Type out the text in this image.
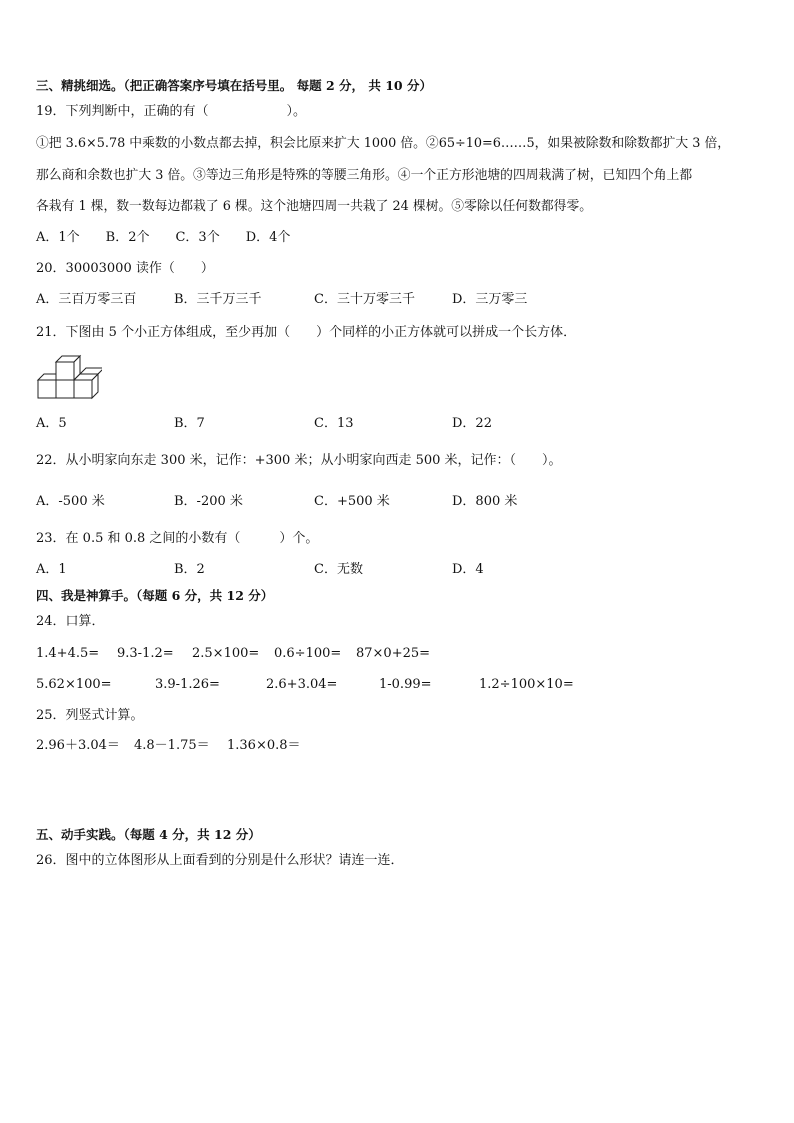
三、精挑细选。（把正确答案序号填在括号里。 每题 2 分， 共 10 分）
19．下列判断中，正确的有（　　　　　　）。
①把 3.6×5.78 中乘数的小数点都去掉，积会比原来扩大 1000 倍。②65÷10=6……5，如果被除数和除数都扩大 3 倍，
那么商和余数也扩大 3 倍。③等边三角形是特殊的等腰三角形。④一个正方形池塘的四周栽满了树，已知四个角上都
各栽有 1 棵，数一数每边都栽了 6 棵。这个池塘四周一共栽了 24 棵树。⑤零除以任何数都得零。
A．1个　　B．2个　　C．3个　　D．4个
20．30003000 读作（　　）
A．三百万零三百	B．三千万三千	C．三十万零三千	D．三万零三
21．下图由 5 个小正方体组成，至少再加（　　）个同样的小正方体就可以拼成一个长方体．
A．5	B．7	C．13	D．22
22．从小明家向东走 300 米，记作：+300 米；从小明家向西走 500 米，记作：（　　）。
A．-500 米	B．-200 米	C．+500 米	D．800 米
23．在 0.5 和 0.8 之间的小数有（　　　）个。
A．1	B．2	C．无数	D．4
四、我是神算手。（每题 6 分，共 12 分）
24．口算．
1.4+4.5= 9.3-1.2= 2.5×100= 0.6÷100= 87×0+25=
5.62×100=	3.9-1.26=	2.6+3.04=	1-0.99=	1.2÷100×10=
25．列竖式计算。
2.96＋3.04＝ 4.8－1.75＝ 1.36×0.8＝
五、动手实践。（每题 4 分，共 12 分）
26．图中的立体图形从上面看到的分别是什么形状？请连一连．
